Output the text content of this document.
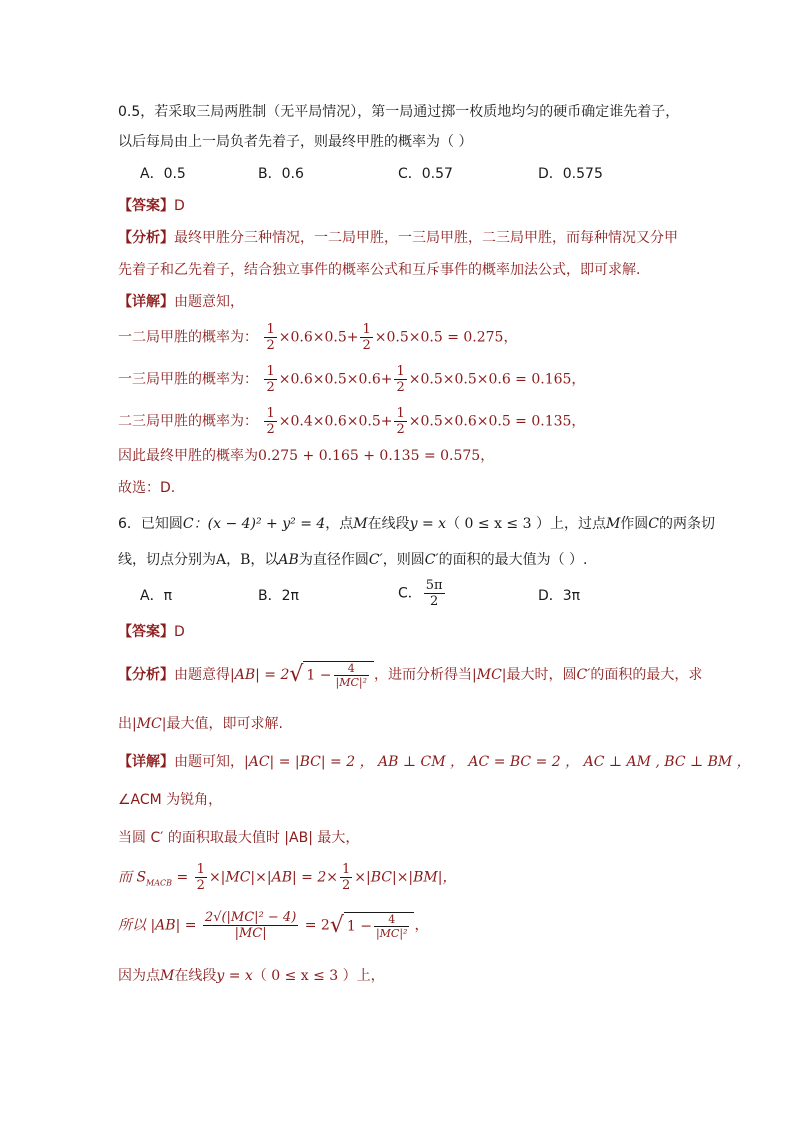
0.5，若采取三局两胜制（无平局情况），第一局通过掷一枚质地均匀的硬币确定谁先着子，
以后每局由上一局负者先着子，则最终甲胜的概率为（ ）
A．0.5	B．0.6	C．0.57	D．0.575
【答案】D
【分析】最终甲胜分三种情况，一二局甲胜，一三局甲胜，二三局甲胜，而每种情况又分甲
先着子和乙先着子，结合独立事件的概率公式和互斥事件的概率加法公式，即可求解.
【详解】由题意知，
一二局甲胜的概率为： $\frac{1}{2} \times 0.6\times 0.5+ \frac{1}{2} \times 0.5\times 0.5 = 0.275$，
一三局甲胜的概率为： $\frac{1}{2} \times 0.6\times 0.5\times 0.6+ \frac{1}{2} \times 0.5\times 0.5\times 0.6 = 0.165$，
二三局甲胜的概率为： $\frac{1}{2} \times 0.4\times 0.6\times 0.5+ \frac{1}{2} \times 0.5\times 0.6\times 0.5 = 0.135$，
因此最终甲胜的概率为0.275 + 0.165 + 0.135 = 0.575，
故选：D.
6．已知圆C：(x − 4)² + y² = 4，点M在线段y = x（ 0 ≤ x ≤ 3 ）上，过点M作圆C的两条切
线，切点分别为A，B，以AB为直径作圆C′，则圆C′的面积的最大值为（ ）.
A．π	B．2π	C． $\frac{5\pi}{2}$	D．3π
【答案】D
【分析】由题意得|AB| = 2√ $1 - \frac{4}{\text{|MC|²}}$ ，进而分析得当|MC|最大时，圆C′的面积的最大，求
出|MC|最大值，即可求解.
【详解】由题可知，|AC| = |BC| = 2 ， AB ⊥ CM ， AC = BC = 2 ， AC ⊥ AM , BC ⊥ BM ，
∠ACM 为锐角，
当圆 C′ 的面积取最大值时 |AB| 最大，
而 $S_{MACB} = \frac{1}{2} \times|MC|\times|AB| = 2\times \frac{1}{2} \times|BC|\times|BM|$，
所以 $|AB| = \frac{\text{2√(|MC|² − 4)}}{|MC|} = 2√$ $1 - \frac{4}{\text{|MC|²}}$ ，
因为点M在线段y = x（ 0 ≤ x ≤ 3 ）上，
